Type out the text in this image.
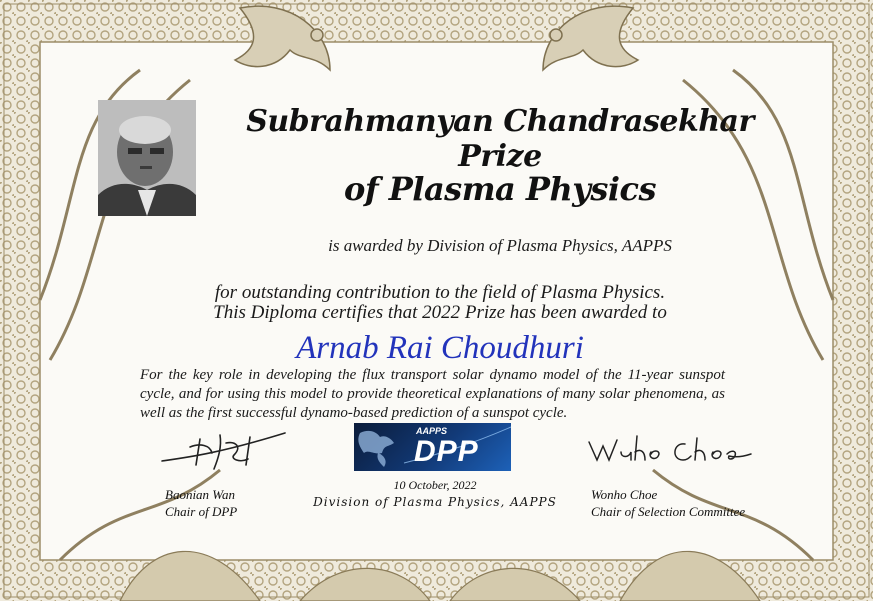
Subrahmanyan Chandrasekhar Prize
of Plasma Physics
is awarded by Division of Plasma Physics, AAPPS
for outstanding contribution to the field of Plasma Physics.
This Diploma certifies that 2022 Prize has been awarded to
Arnab Rai Choudhuri
For the key role in developing the flux transport solar dynamo model of the 11-year sunspot cycle, and for using this model to provide theoretical explanations of many solar phenomena, as well as the first successful dynamo-based prediction of a sunspot cycle.
AAPPS
DPP
Baonian Wan
Chair of DPP
10 October, 2022
Division of Plasma Physics, AAPPS	Wonho Choe
Chair of Selection Committee
